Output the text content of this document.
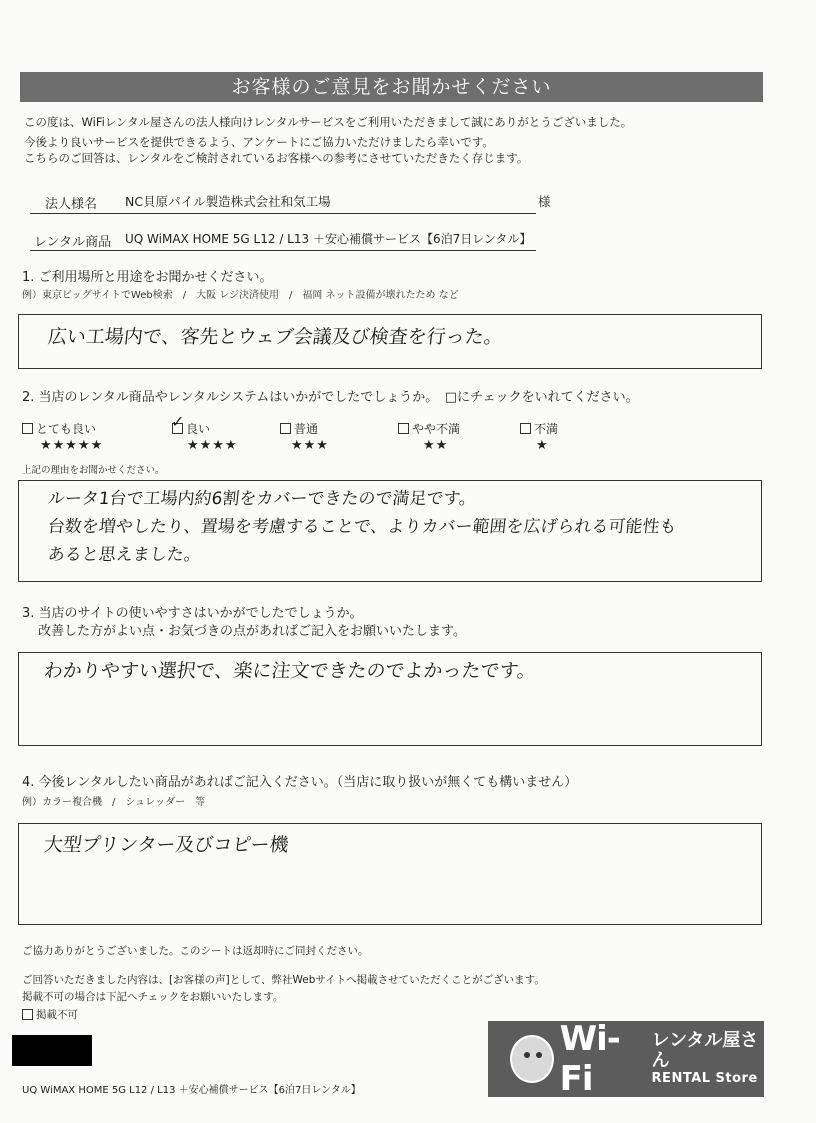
お客様のご意見をお聞かせください
この度は、WiFiレンタル屋さんの法人様向けレンタルサービスをご利用いただきまして誠にありがとうございました。
今後より良いサービスを提供できるよう、アンケートにご協力いただけましたら幸いです。
こちらのご回答は、レンタルをご検討されているお客様への参考にさせていただきたく存じます。
法人様名 NC貝原パイル製造株式会社和気工場	様
レンタル商品 UQ WiMAX HOME 5G L12 / L13 ＋安心補償サービス【6泊7日レンタル】
1. ご利用場所と用途をお聞かせください。
例）東京ビッグサイトでWeb検索　/　大阪 レジ決済使用　/　福岡 ネット設備が壊れたため など
広い工場内で、客先とウェブ会議及び検査を行った。
2. 当店のレンタル商品やレンタルシステムはいかがでしたでしょうか。　□にチェックをいれてください。
とても良い
★★★★★
良い
✓
★★★★
普通
★★★
やや不満
★★
不満
★
上記の理由をお聞かせください。
ルータ1台で工場内約6割をカバーできたので満足です。
台数を増やしたり、置場を考慮することで、よりカバー範囲を広げられる可能性も
あると思えました。
3. 当店のサイトの使いやすさはいかがでしたでしょうか。
改善した方がよい点・お気づきの点があればご記入をお願いいたします。
わかりやすい選択で、楽に注文できたのでよかったです。
4. 今後レンタルしたい商品があればご記入ください。（当店に取り扱いが無くても構いません）
例）カラー複合機　/　シュレッダー　等
大型プリンター及びコピー機
ご協力ありがとうございました。このシートは返却時にご同封ください。
ご回答いただきました内容は、[お客様の声]として、弊社Webサイトへ掲載させていただくことがございます。
掲載不可の場合は下記へチェックをお願いいたします。
掲載不可
UQ WiMAX HOME 5G L12 / L13 ＋安心補償サービス【6泊7日レンタル】
Wi-Fi
レンタル屋さん
RENTAL Store
